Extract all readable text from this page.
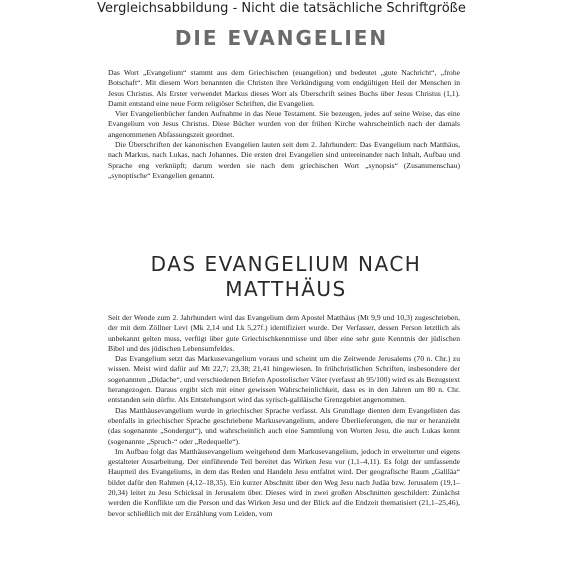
Vergleichsabbildung - Nicht die tatsächliche Schriftgröße
DIE EVANGELIEN

Das Wort „Evangelium“ stammt aus dem Griechischen (euangelion) und bedeutet „gute Nachricht“, „frohe Botschaft“. Mit diesem Wort benannten die Christen ihre Verkündigung vom endgültigen Heil der Menschen in Jesus Christus. Als Erster verwendet Markus dieses Wort als Überschrift seines Buchs über Jesus Christus (1,1). Damit entstand eine neue Form religiöser Schriften, die Evangelien.

Vier Evangelienbücher fanden Aufnahme in das Neue Testament. Sie bezeugen, jedes auf seine Weise, das eine Evangelium von Jesus Christus. Diese Bücher wurden von der frühen Kirche wahrscheinlich nach der damals angenommenen Abfassungszeit geordnet.

Die Überschriften der kanonischen Evangelien lauten seit dem 2. Jahrhundert: Das Evangelium nach Matthäus, nach Markus, nach Lukas, nach Johannes. Die ersten drei Evangelien sind untereinander nach Inhalt, Aufbau und Sprache eng verknüpft; darum werden sie nach dem griechischen Wort „synopsis“ (Zusammenschau) „synoptische“ Evangelien genannt.

DAS EVANGELIUM NACH MATTHÄUS

Seit der Wende zum 2. Jahrhundert wird das Evangelium dem Apostel Matthäus (Mt 9,9 und 10,3) zugeschrieben, der mit dem Zöllner Levi (Mk 2,14 und Lk 5,27f.) identifiziert wurde. Der Verfasser, dessen Person letztlich als unbekannt gelten muss, verfügt über gute Griechischkenntnisse und über eine sehr gute Kenntnis der jüdischen Bibel und des jüdischen Lebensumfeldes.

Das Evangelium setzt das Markusevangelium voraus und scheint um die Zeitwende Jerusalems (70 n. Chr.) zu wissen. Meist wird dafür auf Mt 22,7; 23,38; 21,41 hingewiesen. In frühchristlichen Schriften, insbesondere der sogenannten „Didache“, und verschiedenen Briefen Apostolischer Väter (verfasst ab 95/100) wird es als Bezugstext herangezogen. Daraus ergibt sich mit einer gewissen Wahrscheinlichkeit, dass es in den Jahren um 80 n. Chr. entstanden sein dürfte. Als Entstehungsort wird das syrisch-galiläische Grenzgebiet angenommen.

Das Matthäusevangelium wurde in griechischer Sprache verfasst. Als Grundlage dienten dem Evangelisten das ebenfalls in griechischer Sprache geschriebene Markusevangelium, andere Überlieferungen, die nur er heranzieht (das sogenannte „Sondergut“), und wahrscheinlich auch eine Sammlung von Worten Jesu, die auch Lukas kennt (sogenannte „Spruch-“ oder „Redequelle“).

Im Aufbau folgt das Matthäusevangelium weitgehend dem Markusevangelium, jedoch in erweiterter und eigens gestalteter Ausarbeitung. Der einführende Teil bereitet das Wirken Jesu vor (1,1–4,11). Es folgt der umfassende Hauptteil des Evangeliums, in dem das Reden und Handeln Jesu entfaltet wird. Der geografische Raum „Galiläa“ bildet dafür den Rahmen (4,12–18,35). Ein kurzer Abschnitt über den Weg Jesu nach Judäa bzw. Jerusalem (19,1–20,34) leitet zu Jesu Schicksal in Jerusalem über. Dieses wird in zwei großen Abschnitten geschildert: Zunächst werden die Konflikte um die Person und das Wirken Jesu und der Blick auf die Endzeit thematisiert (21,1–25,46), bevor schließlich mit der Erzählung vom Leiden, vom
